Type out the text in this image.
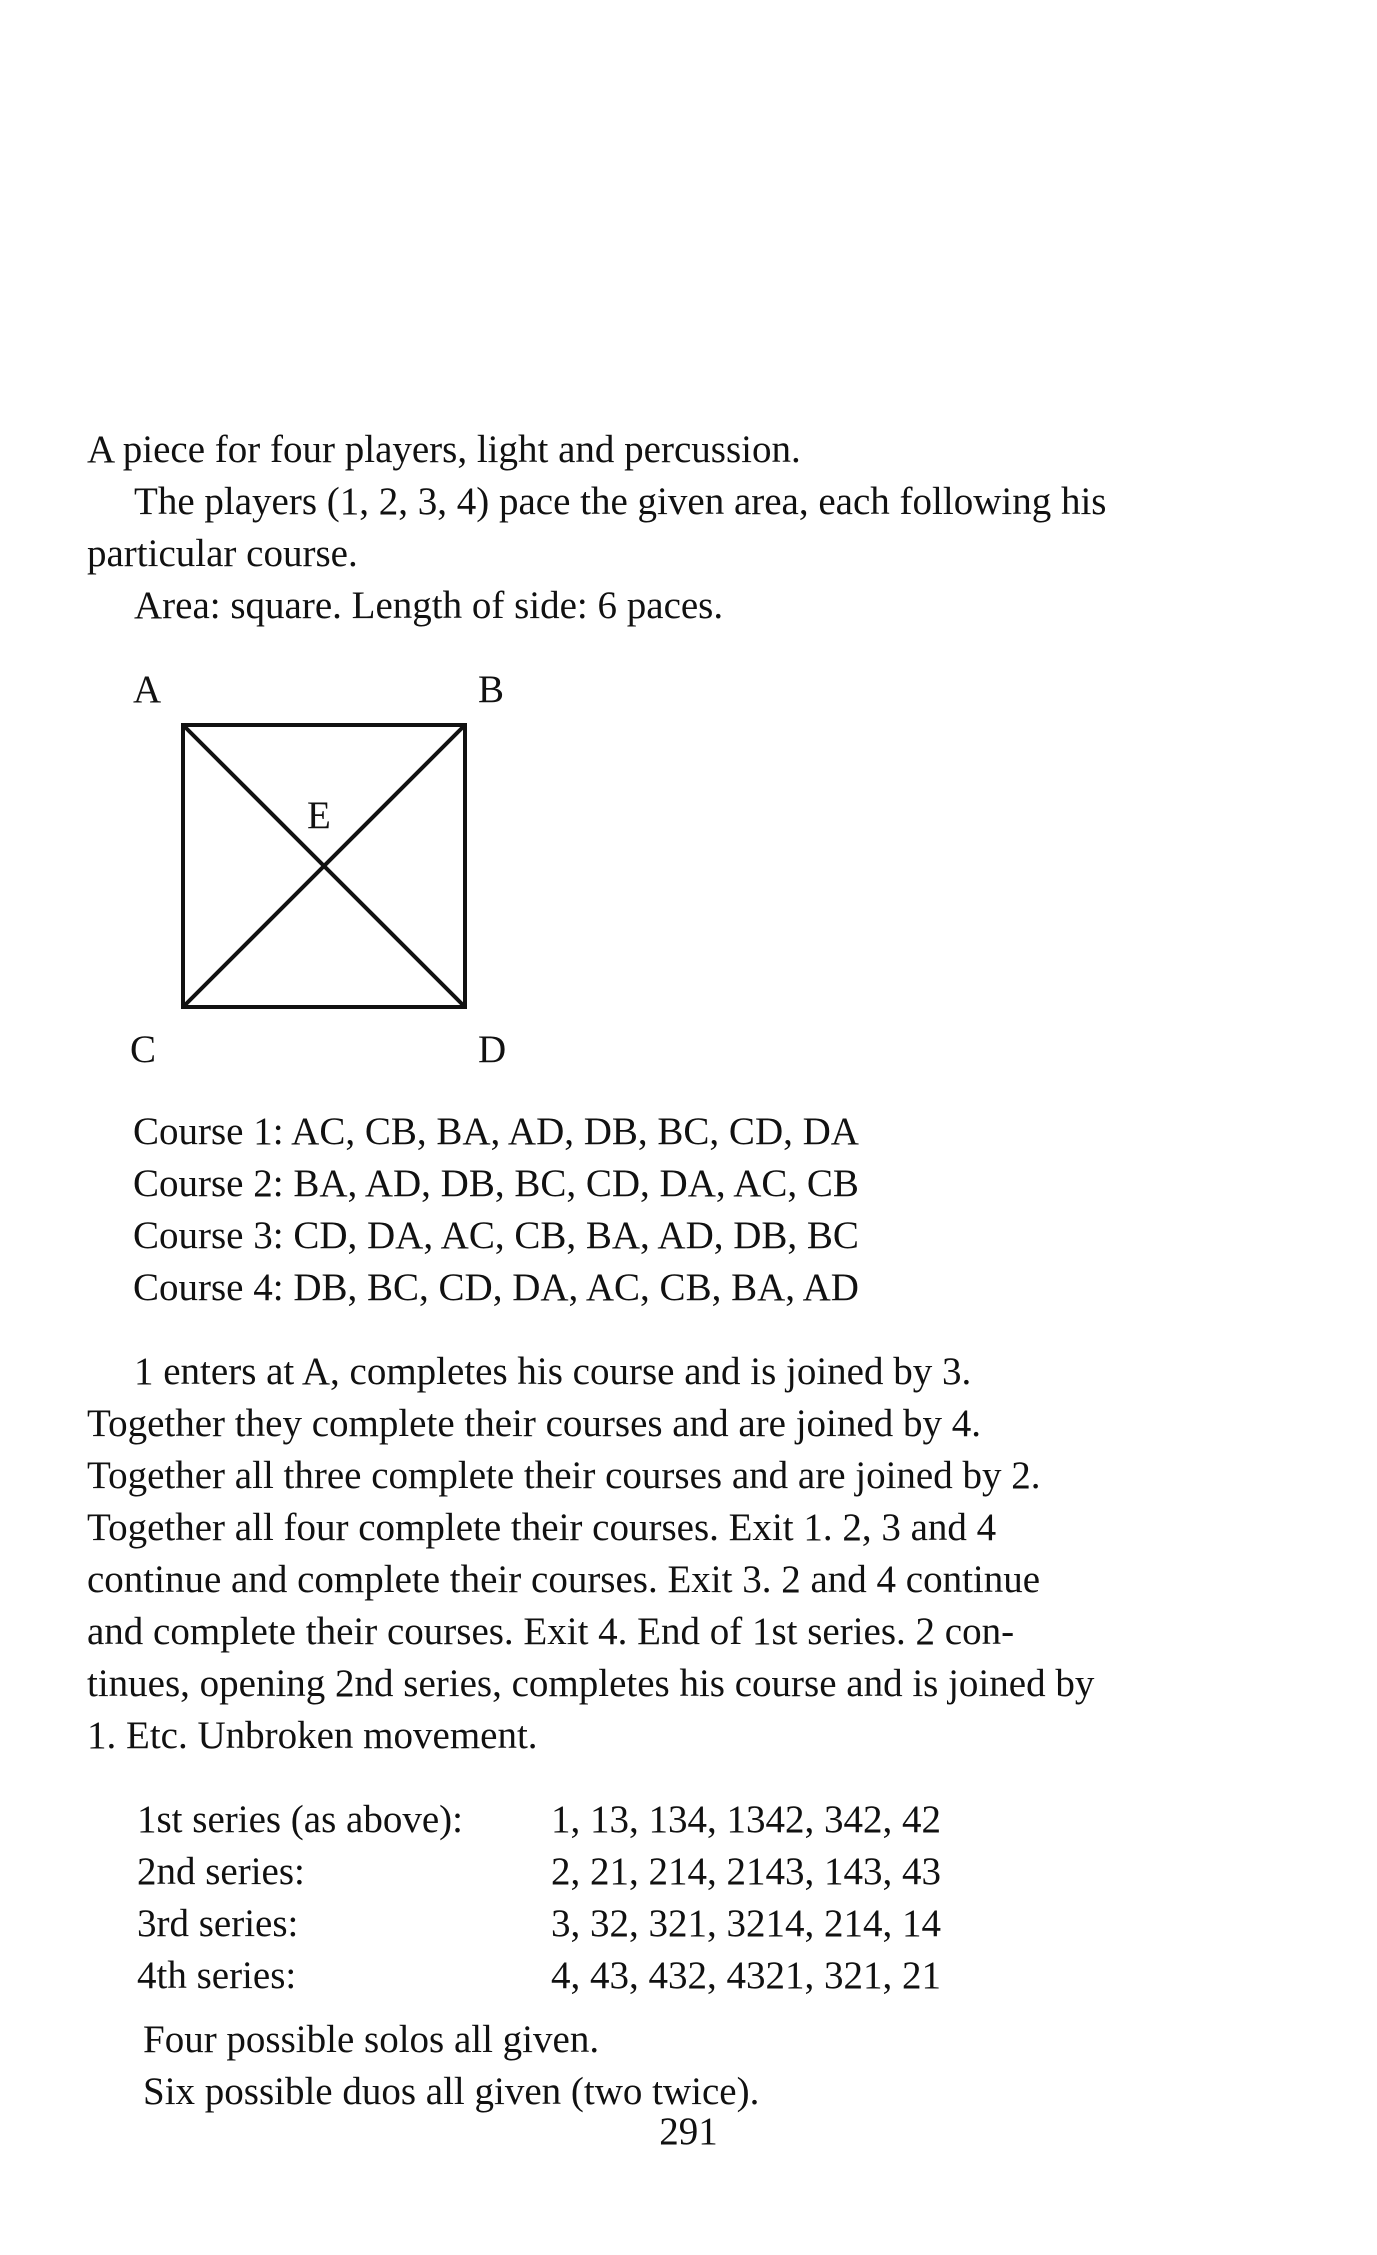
A piece for four players, light and percussion.
The players (1, 2, 3, 4) pace the given area, each following his
particular course.
Area: square. Length of side: 6 paces.
A	B
E
C	D
Course 1: AC, CB, BA, AD, DB, BC, CD, DA
Course 2: BA, AD, DB, BC, CD, DA, AC, CB
Course 3: CD, DA, AC, CB, BA, AD, DB, BC
Course 4: DB, BC, CD, DA, AC, CB, BA, AD
1 enters at A, completes his course and is joined by 3.
Together they complete their courses and are joined by 4.
Together all three complete their courses and are joined by 2.
Together all four complete their courses. Exit 1. 2, 3 and 4
continue and complete their courses. Exit 3. 2 and 4 continue
and complete their courses. Exit 4. End of 1st series. 2 con-
tinues, opening 2nd series, completes his course and is joined by
1. Etc. Unbroken movement.
1st series (as above):	1, 13, 134, 1342, 342, 42
2nd series:	2, 21, 214, 2143, 143, 43
3rd series:	3, 32, 321, 3214, 214, 14
4th series:	4, 43, 432, 4321, 321, 21
Four possible solos all given.
Six possible duos all given (two twice).
291
